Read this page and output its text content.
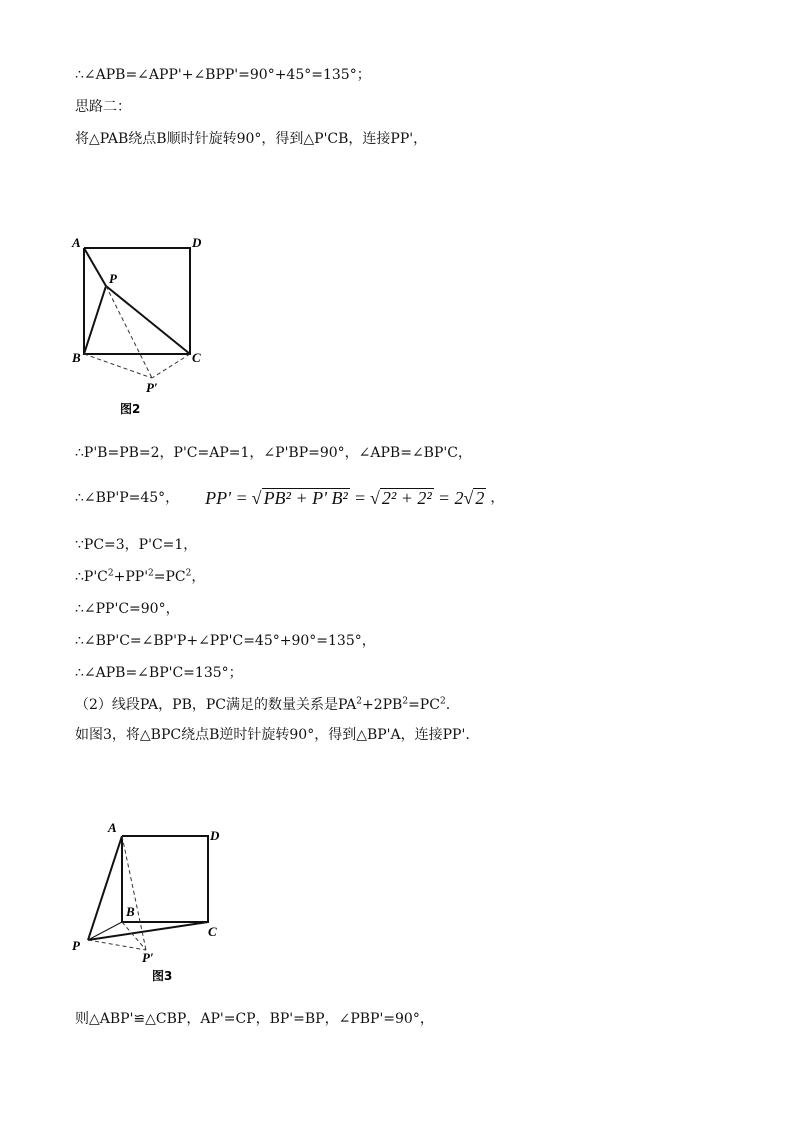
∴∠APB=∠APP'+∠BPP'=90°+45°=135°；
思路二：
将△PAB绕点B顺时针旋转90°，得到△P'CB，连接PP'，
A	D
P
B	C
P′
图2
∴P'B=PB=2，P'C=AP=1，∠P'BP=90°，∠APB=∠BP'C，
∴∠BP'P=45°， PP' = √ PB² + P' B² = √ 2² + 2² = 2 √ 2 ，
∵PC=3，P'C=1，
$\therefore P'C^2+PP'^2=PC^2$，
∴∠PP'C=90°，
∴∠BP'C=∠BP'P+∠PP'C=45°+90°=135°，
∴∠APB=∠BP'C=135°；
（2）线段PA，PB，PC满足的数量关系是$PA^2+2PB^2=PC^2$.
如图3，将△BPC绕点B逆时针旋转90°，得到△BP'A，连接PP'.
A
D
B
C
P
P′
图3
则△ABP'≌△CBP，AP'=CP，BP'=BP，∠PBP'=90°，
